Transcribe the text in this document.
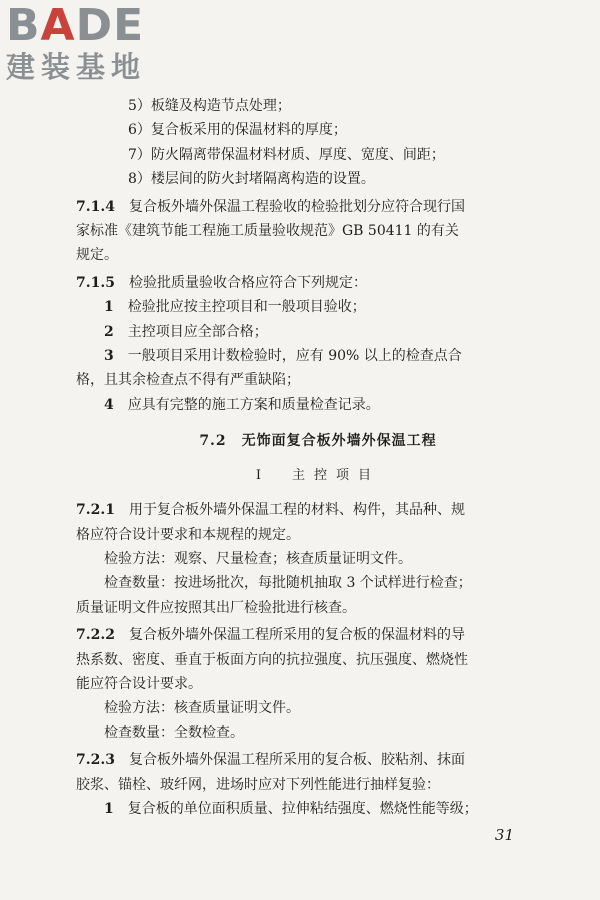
BADE
建装基地
5）板缝及构造节点处理；
6）复合板采用的保温材料的厚度；
7）防火隔离带保温材料材质、厚度、宽度、间距；
8）楼层间的防火封堵隔离构造的设置。
7.1.4　 复合板外墙外保温工程验收的检验批划分应符合现行国
家标准《建筑节能工程施工质量验收规范》GB 50411 的有关
规定。
7.1.5　 检验批质量验收合格应符合下列规定：
1　 检验批应按主控项目和一般项目验收；
2　 主控项目应全部合格；
3　 一般项目采用计数检验时，应有 90% 以上的检查点合
格，且其余检查点不得有严重缺陷；
4　 应具有完整的施工方案和质量检查记录。
7.2　无饰面复合板外墙外保温工程
Ⅰ　主控项目
7.2.1　 用于复合板外墙外保温工程的材料、构件，其品种、规
格应符合设计要求和本规程的规定。
检验方法：观察、尺量检查；核查质量证明文件。
检查数量：按进场批次，每批随机抽取 3 个试样进行检查；
质量证明文件应按照其出厂检验批进行核查。
7.2.2　 复合板外墙外保温工程所采用的复合板的保温材料的导
热系数、密度、垂直于板面方向的抗拉强度、抗压强度、燃烧性
能应符合设计要求。
检验方法：核查质量证明文件。
检查数量：全数检查。
7.2.3　 复合板外墙外保温工程所采用的复合板、胶粘剂、抹面
胶浆、锚栓、玻纤网，进场时应对下列性能进行抽样复验：
1　 复合板的单位面积质量、拉伸粘结强度、燃烧性能等级；
31
